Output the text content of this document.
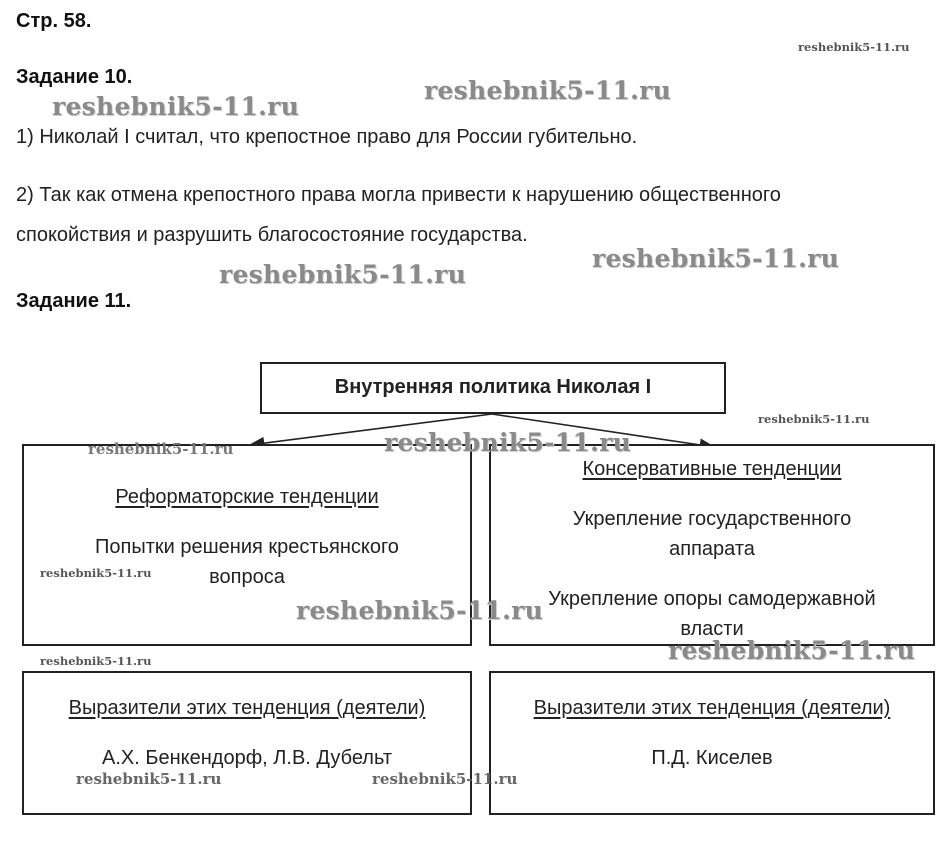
Стр. 58.
Задание 10.
1) Николай I считал, что крепостное право для России губительно.
2) Так как отмена крепостного права могла привести к нарушению общественного
спокойствия и разрушить благосостояние государства.
Задание 11.
Внутренняя политика Николая I
Реформаторские тенденции
Попытки решения крестьянского
вопроса
Консервативные тенденции
Укрепление государственного
аппарата
Укрепление опоры самодержавной
власти
Выразители этих тенденция (деятели)
А.Х. Бенкендорф, Л.В. Дубельт
Выразители этих тенденция (деятели)
П.Д. Киселев
reshebnik5-11.ru
reshebnik5-11.ru
reshebnik5-11.ru
reshebnik5-11.ru
reshebnik5-11.ru
reshebnik5-11.ru
reshebnik5-11.ru
reshebnik5-11.ru
reshebnik5-11.ru
reshebnik5-11.ru
reshebnik5-11.ru
reshebnik5-11.ru
reshebnik5-11.ru	reshebnik5-11.ru
